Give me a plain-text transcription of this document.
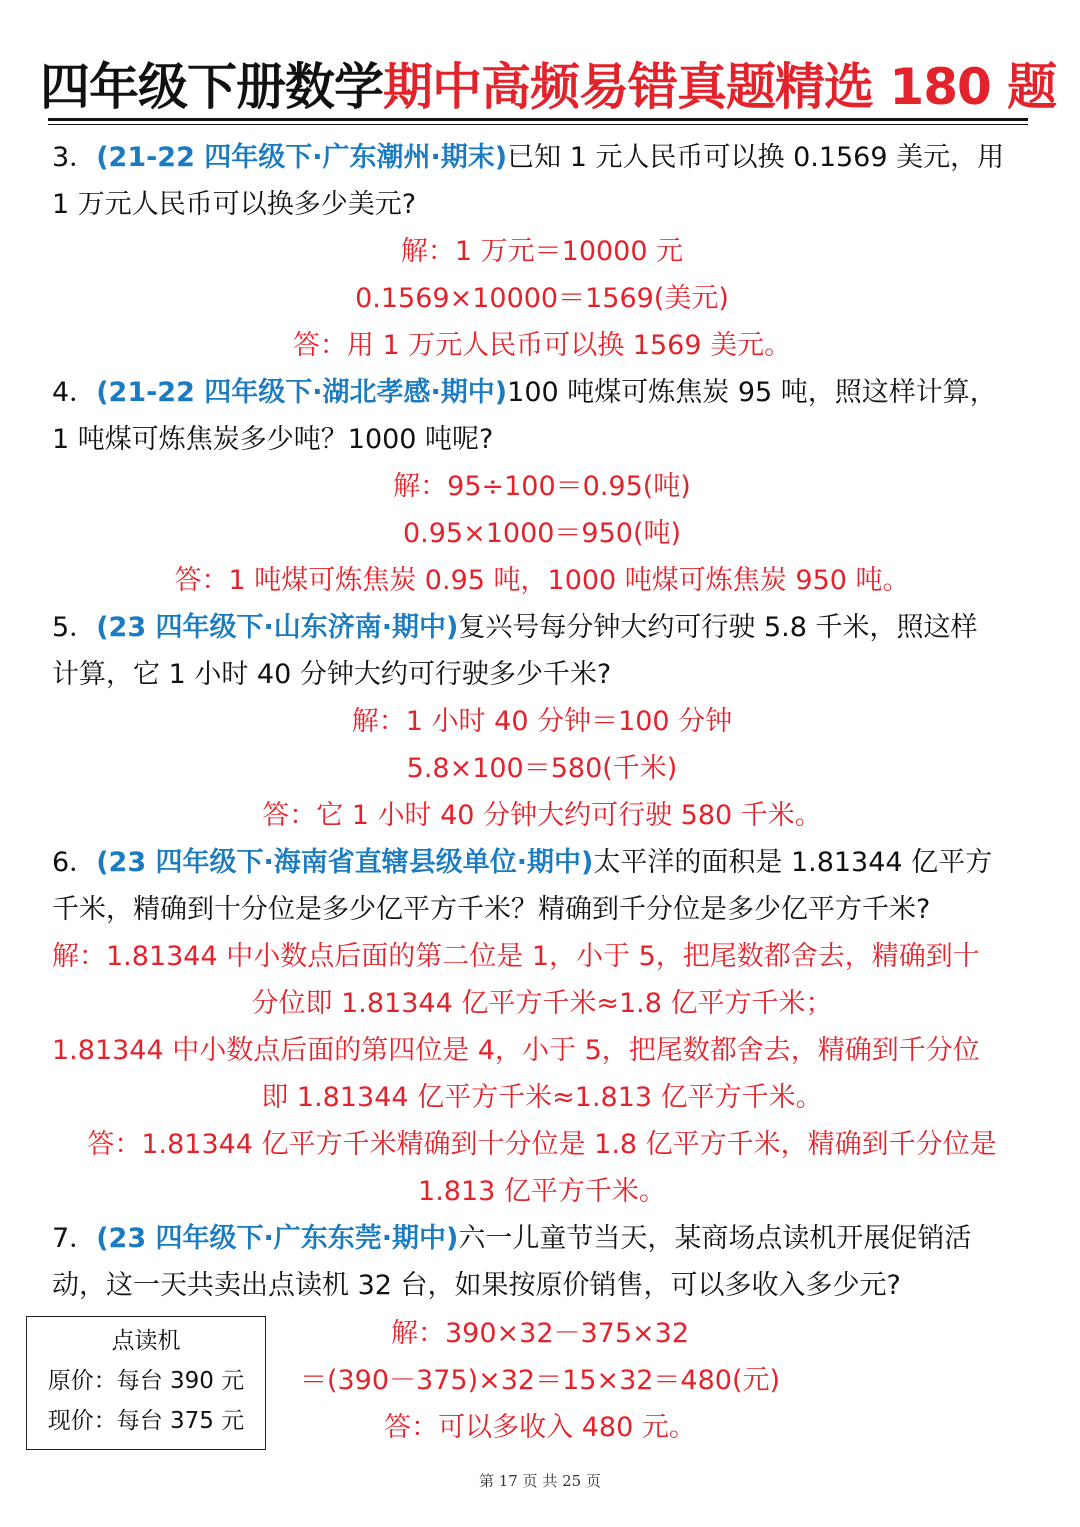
四年级下册数学期中高频易错真题精选 180 题
3．(21-22 四年级下·广东潮州·期末)已知 1 元人民币可以换 0.1569 美元，用
1 万元人民币可以换多少美元?
解：1 万元＝10000 元
0.1569×10000＝1569(美元)
答：用 1 万元人民币可以换 1569 美元。
4．(21-22 四年级下·湖北孝感·期中)100 吨煤可炼焦炭 95 吨，照这样计算，
1 吨煤可炼焦炭多少吨？1000 吨呢?
解：95÷100＝0.95(吨)
0.95×1000＝950(吨)
答：1 吨煤可炼焦炭 0.95 吨，1000 吨煤可炼焦炭 950 吨。
5．(23 四年级下·山东济南·期中)复兴号每分钟大约可行驶 5.8 千米，照这样
计算，它 1 小时 40 分钟大约可行驶多少千米?
解：1 小时 40 分钟＝100 分钟
5.8×100＝580(千米)
答：它 1 小时 40 分钟大约可行驶 580 千米。
6．(23 四年级下·海南省直辖县级单位·期中)太平洋的面积是 1.81344 亿平方
千米，精确到十分位是多少亿平方千米？精确到千分位是多少亿平方千米?
解：1.81344 中小数点后面的第二位是 1，小于 5，把尾数都舍去，精确到十
分位即 1.81344 亿平方千米≈1.8 亿平方千米；
1.81344 中小数点后面的第四位是 4，小于 5，把尾数都舍去，精确到千分位
即 1.81344 亿平方千米≈1.813 亿平方千米。
答：1.81344 亿平方千米精确到十分位是 1.8 亿平方千米，精确到千分位是
1.813 亿平方千米。
7．(23 四年级下·广东东莞·期中)六一儿童节当天，某商场点读机开展促销活
动，这一天共卖出点读机 32 台，如果按原价销售，可以多收入多少元?
点读机
原价：每台 390 元
现价：每台 375 元
解：390×32－375×32
＝(390－375)×32＝15×32＝480(元)
答：可以多收入 480 元。
第 17 页 共 25 页
